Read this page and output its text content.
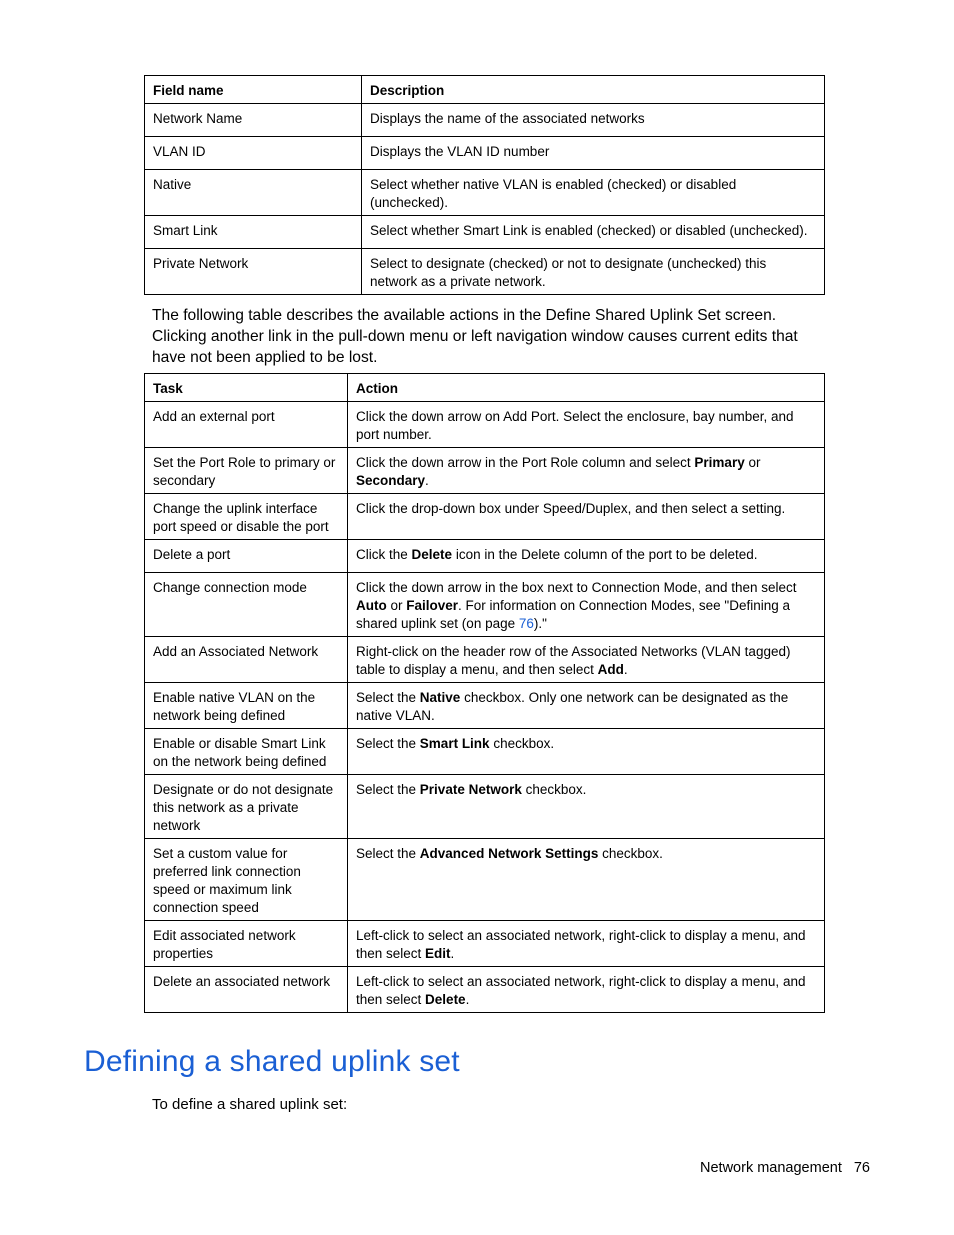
Field name	Description
Network Name	Displays the name of the associated networks
VLAN ID	Displays the VLAN ID number
Native	Select whether native VLAN is enabled (checked) or disabled (unchecked).
Smart Link	Select whether Smart Link is enabled (checked) or disabled (unchecked).
Private Network	Select to designate (checked) or not to designate (unchecked) this network as a private network.

The following table describes the available actions in the Define Shared Uplink Set screen. Clicking another link in the pull-down menu or left navigation window causes current edits that have not been applied to be lost.

Task	Action
Add an external port	Click the down arrow on Add Port. Select the enclosure, bay number, and port number.
Set the Port Role to primary or secondary	Click the down arrow in the Port Role column and select Primary or Secondary.
Change the uplink interface port speed or disable the port	Click the drop-down box under Speed/Duplex, and then select a setting.
Delete a port	Click the Delete icon in the Delete column of the port to be deleted.
Change connection mode	Click the down arrow in the box next to Connection Mode, and then select Auto or Failover. For information on Connection Modes, see "Defining a shared uplink set (on page 76)."
Add an Associated Network	Right-click on the header row of the Associated Networks (VLAN tagged) table to display a menu, and then select Add.
Enable native VLAN on the network being defined	Select the Native checkbox. Only one network can be designated as the native VLAN.
Enable or disable Smart Link on the network being defined	Select the Smart Link checkbox.
Designate or do not designate this network as a private network	Select the Private Network checkbox.
Set a custom value for preferred link connection speed or maximum link connection speed	Select the Advanced Network Settings checkbox.
Edit associated network properties	Left-click to select an associated network, right-click to display a menu, and then select Edit.
Delete an associated network	Left-click to select an associated network, right-click to display a menu, and then select Delete.
Defining a shared uplink set

To define a shared uplink set:

Network management 76
